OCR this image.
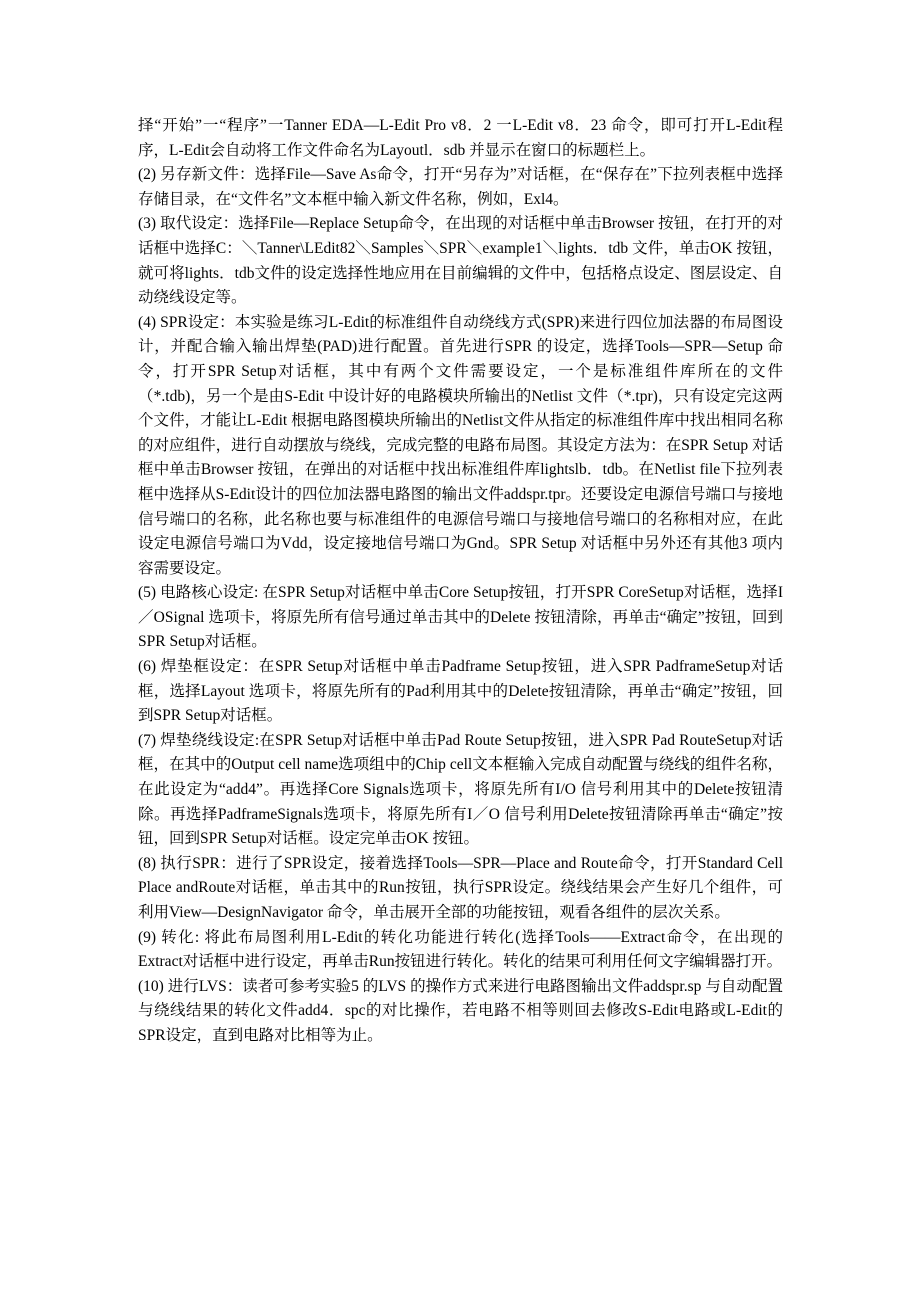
择“开始”一“程序”一Tanner EDA—L-Edit Pro v8．2 一L-Edit v8．23 命令，即可打开L-Edit程序，L-Edit会自动将工作文件命名为Layoutl．sdb 并显示在窗口的标题栏上。

(2) 另存新文件：选择File—Save As命令，打开“另存为”对话框，在“保存在”下拉列表框中选择存储目录，在“文件名”文本框中输入新文件名称，例如，Exl4。

(3) 取代设定：选择File—Replace Setup命令，在出现的对话框中单击Browser 按钮，在打开的对话框中选择C：＼Tanner\LEdit82＼Samples＼SPR＼example1＼lights．tdb 文件，单击OK 按钮，就可将lights．tdb文件的设定选择性地应用在目前编辑的文件中，包括格点设定、图层设定、自动绕线设定等。

(4) SPR设定：本实验是练习L-Edit的标准组件自动绕线方式(SPR)来进行四位加法器的布局图设计，并配合输入输出焊垫(PAD)进行配置。首先进行SPR 的设定，选择Tools—SPR—Setup 命令，打开SPR Setup对话框，其中有两个文件需要设定，一个是标准组件库所在的文件（*.tdb)，另一个是由S-Edit 中设计好的电路模块所输出的Netlist 文件（*.tpr)，只有设定完这两个文件，才能让L-Edit 根据电路图模块所输出的Netlist文件从指定的标准组件库中找出相同名称的对应组件，进行自动摆放与绕线，完成完整的电路布局图。其设定方法为：在SPR Setup 对话框中单击Browser 按钮，在弹出的对话框中找出标准组件库lightslb．tdb。在Netlist file下拉列表框中选择从S-Edit设计的四位加法器电路图的输出文件addspr.tpr。还要设定电源信号端口与接地信号端口的名称，此名称也要与标准组件的电源信号端口与接地信号端口的名称相对应，在此设定电源信号端口为Vdd，设定接地信号端口为Gnd。SPR Setup 对话框中另外还有其他3 项内容需要设定。

(5) 电路核心设定: 在SPR Setup对话框中单击Core Setup按钮，打开SPR CoreSetup对话框，选择I／OSignal 选项卡，将原先所有信号通过单击其中的Delete 按钮清除，再单击“确定”按钮，回到SPR Setup对话框。

(6) 焊垫框设定：在SPR Setup对话框中单击Padframe Setup按钮，进入SPR PadframeSetup对话框，选择Layout 选项卡，将原先所有的Pad利用其中的Delete按钮清除，再单击“确定”按钮，回到SPR Setup对话框。

(7) 焊垫绕线设定:在SPR Setup对话框中单击Pad Route Setup按钮，进入SPR Pad RouteSetup对话框，在其中的Output cell name选项组中的Chip cell文本框输入完成自动配置与绕线的组件名称，在此设定为“add4”。再选择Core Signals选项卡，将原先所有I/O 信号利用其中的Delete按钮清除。再选择PadframeSignals选项卡，将原先所有I／O 信号利用Delete按钮清除再单击“确定”按钮，回到SPR Setup对话框。设定完单击OK 按钮。

(8) 执行SPR：进行了SPR设定，接着选择Tools—SPR—Place and Route命令，打开Standard Cell Place andRoute对话框，单击其中的Run按钮，执行SPR设定。绕线结果会产生好几个组件，可利用View—DesignNavigator 命令，单击展开全部的功能按钮，观看各组件的层次关系。

(9) 转化: 将此布局图利用L-Edit的转化功能进行转化(选择Tools——Extract命令，在出现的Extract对话框中进行设定，再单击Run按钮进行转化。转化的结果可利用任何文字编辑器打开。

(10) 进行LVS：读者可参考实验5 的LVS 的操作方式来进行电路图输出文件addspr.sp 与自动配置与绕线结果的转化文件add4．spc的对比操作，若电路不相等则回去修改S-Edit电路或L-Edit的SPR设定，直到电路对比相等为止。
